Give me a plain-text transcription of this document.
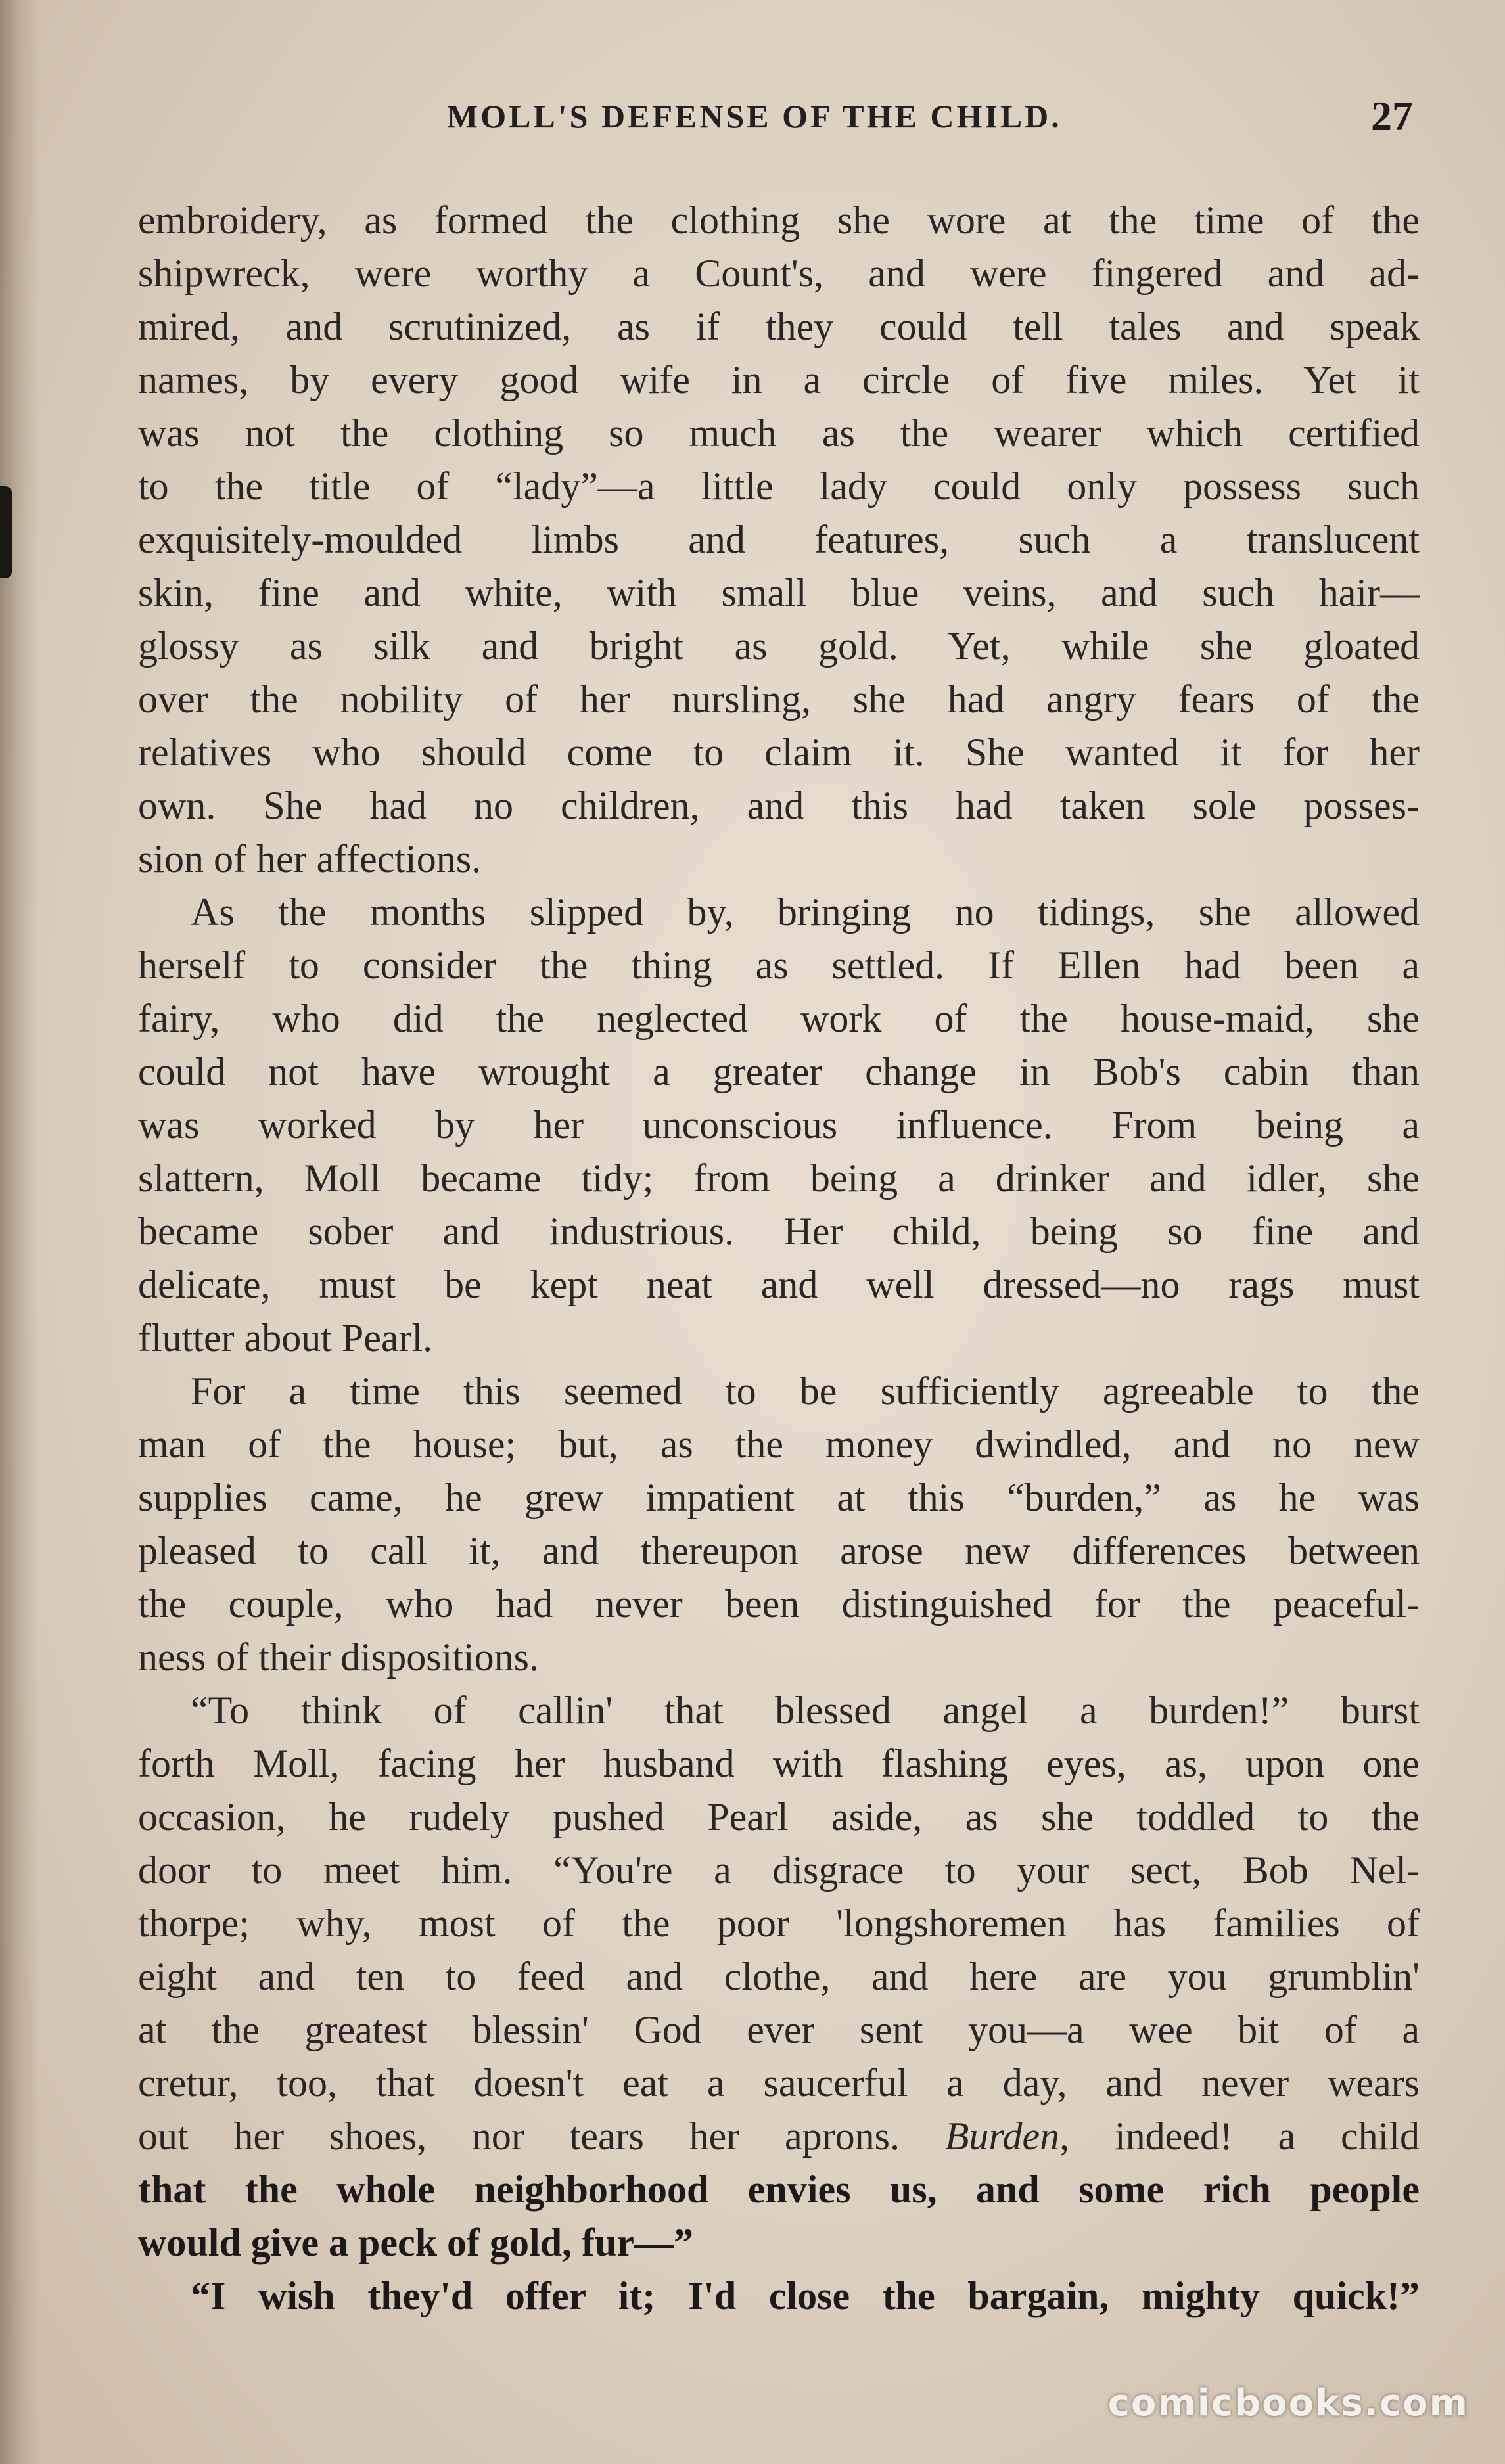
MOLL'S DEFENSE OF THE CHILD.	27

embroidery, as formed the clothing she wore at the time of the

shipwreck, were worthy a Count's, and were fingered and ad-

mired, and scrutinized, as if they could tell tales and speak

names, by every good wife in a circle of five miles. Yet it

was not the clothing so much as the wearer which certified

to the title of “lady”—a little lady could only possess such

exquisitely-moulded limbs and features, such a translucent

skin, fine and white, with small blue veins, and such hair—

glossy as silk and bright as gold. Yet, while she gloated

over the nobility of her nursling, she had angry fears of the

relatives who should come to claim it. She wanted it for her

own. She had no children, and this had taken sole posses-

sion of her affections.

As the months slipped by, bringing no tidings, she allowed

herself to consider the thing as settled. If Ellen had been a

fairy, who did the neglected work of the house-maid, she

could not have wrought a greater change in Bob's cabin than

was worked by her unconscious influence. From being a

slattern, Moll became tidy; from being a drinker and idler, she

became sober and industrious. Her child, being so fine and

delicate, must be kept neat and well dressed—no rags must

flutter about Pearl.

For a time this seemed to be sufficiently agreeable to the

man of the house; but, as the money dwindled, and no new

supplies came, he grew impatient at this “burden,” as he was

pleased to call it, and thereupon arose new differences between

the couple, who had never been distinguished for the peaceful-

ness of their dispositions.

“To think of callin' that blessed angel a burden!” burst

forth Moll, facing her husband with flashing eyes, as, upon one

occasion, he rudely pushed Pearl aside, as she toddled to the

door to meet him. “You're a disgrace to your sect, Bob Nel-

thorpe; why, most of the poor 'longshoremen has families of

eight and ten to feed and clothe, and here are you grumblin'

at the greatest blessin' God ever sent you—a wee bit of a

cretur, too, that doesn't eat a saucerful a day, and never wears

out her shoes, nor tears her aprons. Burden, indeed! a child

that the whole neighborhood envies us, and some rich people

would give a peck of gold, fur—”

“I wish they'd offer it; I'd close the bargain, mighty quick!”

comicbooks.com
